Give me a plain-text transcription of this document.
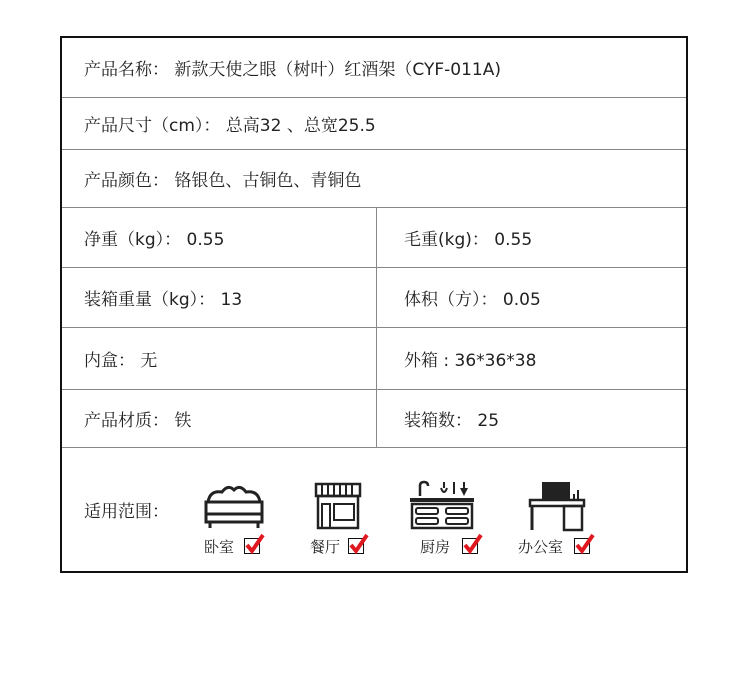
产品名称： 新款天使之眼（树叶）红酒架（CYF-011A)
产品尺寸（cm）： 总高32 、总宽25.5
产品颜色： 铬银色、古铜色、青铜色
净重（kg）： 0.55	毛重(kg)： 0.55
装箱重量（kg）： 13	体积（方）： 0.05
内盒： 无	外箱 : 36*36*38
产品材质： 铁	装箱数： 25
适用范围：
卧室	餐厅	厨房	办公室
